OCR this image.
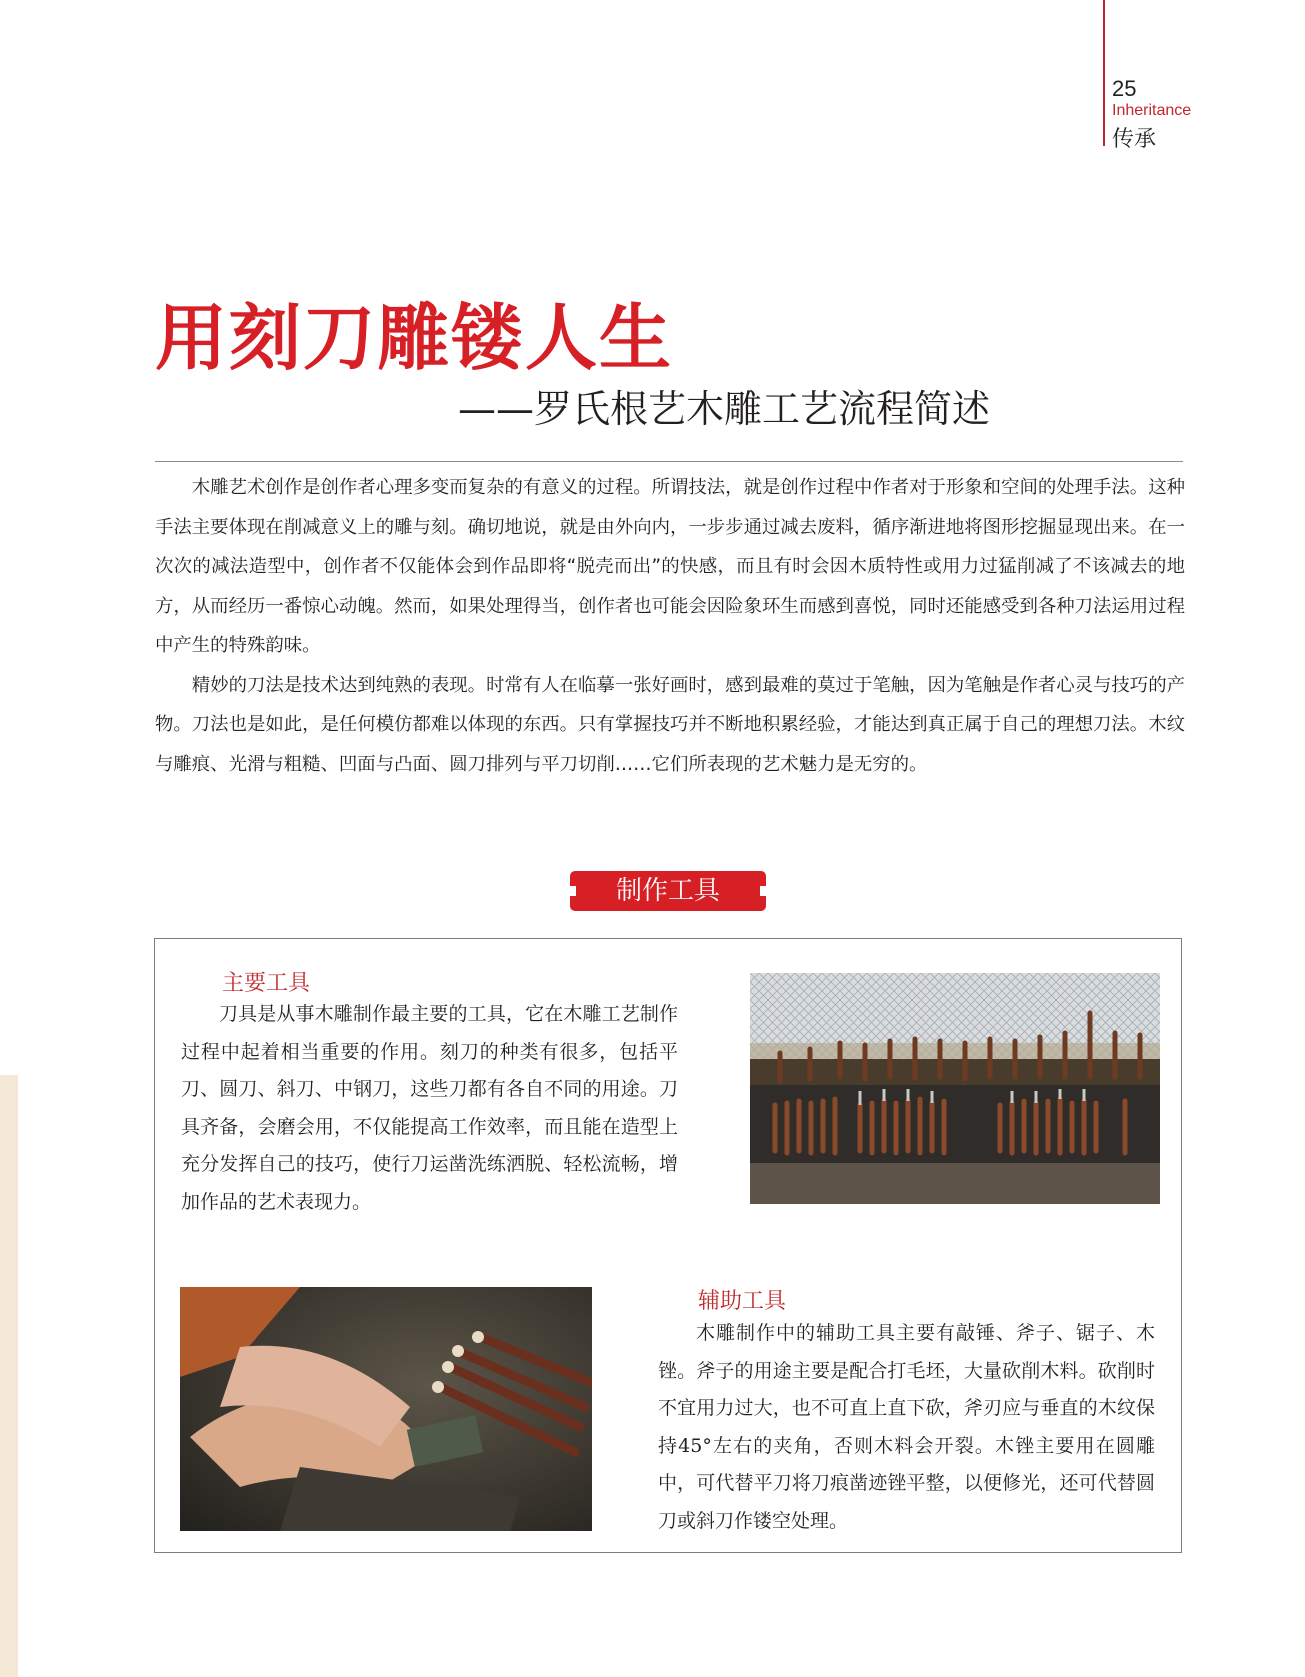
25
Inheritance
传承
用刻刀雕镂人生
——罗氏根艺木雕工艺流程简述

木雕艺术创作是创作者心理多变而复杂的有意义的过程。所谓技法，就是创作过程中作者对于形象和空间的处理手法。这种手法主要体现在削减意义上的雕与刻。确切地说，就是由外向内，一步步通过减去废料，循序渐进地将图形挖掘显现出来。在一次次的减法造型中，创作者不仅能体会到作品即将“脱壳而出”的快感，而且有时会因木质特性或用力过猛削减了不该减去的地方，从而经历一番惊心动魄。然而，如果处理得当，创作者也可能会因险象环生而感到喜悦，同时还能感受到各种刀法运用过程中产生的特殊韵味。

精妙的刀法是技术达到纯熟的表现。时常有人在临摹一张好画时，感到最难的莫过于笔触，因为笔触是作者心灵与技巧的产物。刀法也是如此，是任何模仿都难以体现的东西。只有掌握技巧并不断地积累经验，才能达到真正属于自己的理想刀法。木纹与雕痕、光滑与粗糙、凹面与凸面、圆刀排列与平刀切削……它们所表现的艺术魅力是无穷的。

制作工具
主要工具

刀具是从事木雕制作最主要的工具，它在木雕工艺制作过程中起着相当重要的作用。刻刀的种类有很多，包括平刀、圆刀、斜刀、中钢刀，这些刀都有各自不同的用途。刀具齐备，会磨会用，不仅能提高工作效率，而且能在造型上充分发挥自己的技巧，使行刀运凿洗练洒脱、轻松流畅，增加作品的艺术表现力。

辅助工具

木雕制作中的辅助工具主要有敲锤、斧子、锯子、木锉。斧子的用途主要是配合打毛坯，大量砍削木料。砍削时不宜用力过大，也不可直上直下砍，斧刃应与垂直的木纹保持45°左右的夹角，否则木料会开裂。木锉主要用在圆雕中，可代替平刀将刀痕凿迹锉平整，以便修光，还可代替圆刀或斜刀作镂空处理。
